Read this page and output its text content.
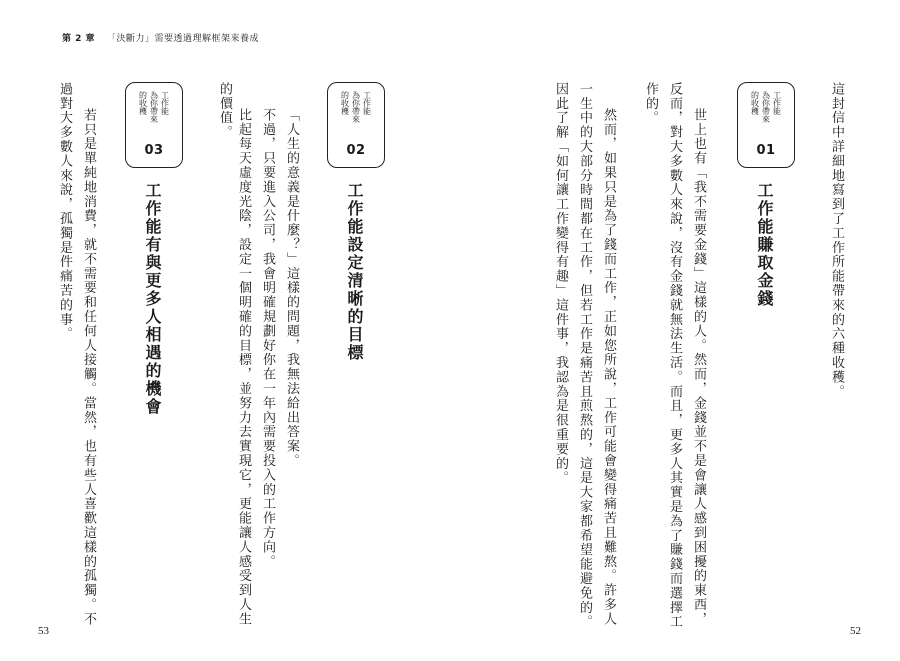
第 2 章 「決斷力」需要透過理解框架來養成
這封信中詳細地寫到了工作所能帶來的六種收穫。
工作能
為你帶來
的收穫
01
工作能賺取金錢
世上也有「我不需要金錢」這樣的人。然而，金錢並不是會讓人感到困擾的東西，
反而，對大多數人來說，沒有金錢就無法生活。而且，更多人其實是為了賺錢而選擇工
作的。
然而，如果只是為了錢而工作，正如您所說，工作可能會變得痛苦且難熬。許多人
一生中的大部分時間都在工作，但若工作是痛苦且煎熬的，這是大家都希望能避免的。
因此了解「如何讓工作變得有趣」這件事，我認為是很重要的。
52
工作能
為你帶來
的收穫
02
工作能設定清晰的目標
的價值。	「人生的意義是什麼？」這樣的問題，我無法給出答案。
不過，只要進入公司，我會明確規劃好你在一年內需要投入的工作方向。
比起每天虛度光陰，設定一個明確的目標，並努力去實現它，更能讓人感受到人生
工作能
為你帶來
的收穫
03
工作能有與更多人相遇的機會
若只是單純地消費，就不需要和任何人接觸。當然，也有些人喜歡這樣的孤獨。不
過對大多數人來說，孤獨是件痛苦的事。
53
